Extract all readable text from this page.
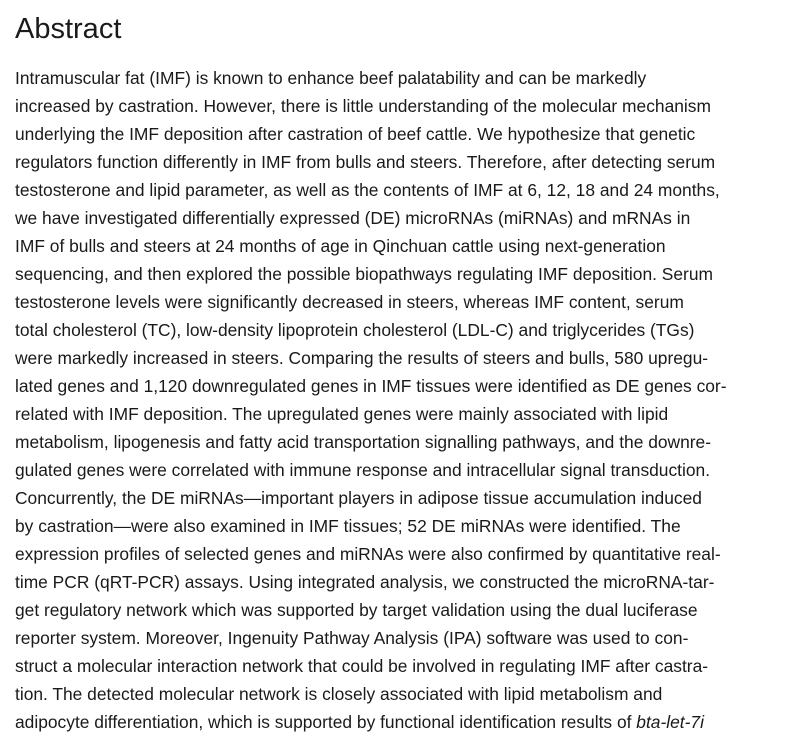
Abstract
Intramuscular fat (IMF) is known to enhance beef palatability and can be markedly
increased by castration. However, there is little understanding of the molecular mechanism
underlying the IMF deposition after castration of beef cattle. We hypothesize that genetic
regulators function differently in IMF from bulls and steers. Therefore, after detecting serum
testosterone and lipid parameter, as well as the contents of IMF at 6, 12, 18 and 24 months,
we have investigated differentially expressed (DE) microRNAs (miRNAs) and mRNAs in
IMF of bulls and steers at 24 months of age in Qinchuan cattle using next-generation
sequencing, and then explored the possible biopathways regulating IMF deposition. Serum
testosterone levels were significantly decreased in steers, whereas IMF content, serum
total cholesterol (TC), low-density lipoprotein cholesterol (LDL-C) and triglycerides (TGs)
were markedly increased in steers. Comparing the results of steers and bulls, 580 upregu-
lated genes and 1,120 downregulated genes in IMF tissues were identified as DE genes cor-
related with IMF deposition. The upregulated genes were mainly associated with lipid
metabolism, lipogenesis and fatty acid transportation signalling pathways, and the downre-
gulated genes were correlated with immune response and intracellular signal transduction.
Concurrently, the DE miRNAs—important players in adipose tissue accumulation induced
by castration—were also examined in IMF tissues; 52 DE miRNAs were identified. The
expression profiles of selected genes and miRNAs were also confirmed by quantitative real-
time PCR (qRT-PCR) assays. Using integrated analysis, we constructed the microRNA-tar-
get regulatory network which was supported by target validation using the dual luciferase
reporter system. Moreover, Ingenuity Pathway Analysis (IPA) software was used to con-
struct a molecular interaction network that could be involved in regulating IMF after castra-
tion. The detected molecular network is closely associated with lipid metabolism and
adipocyte differentiation, which is supported by functional identification results of bta-let-7i
